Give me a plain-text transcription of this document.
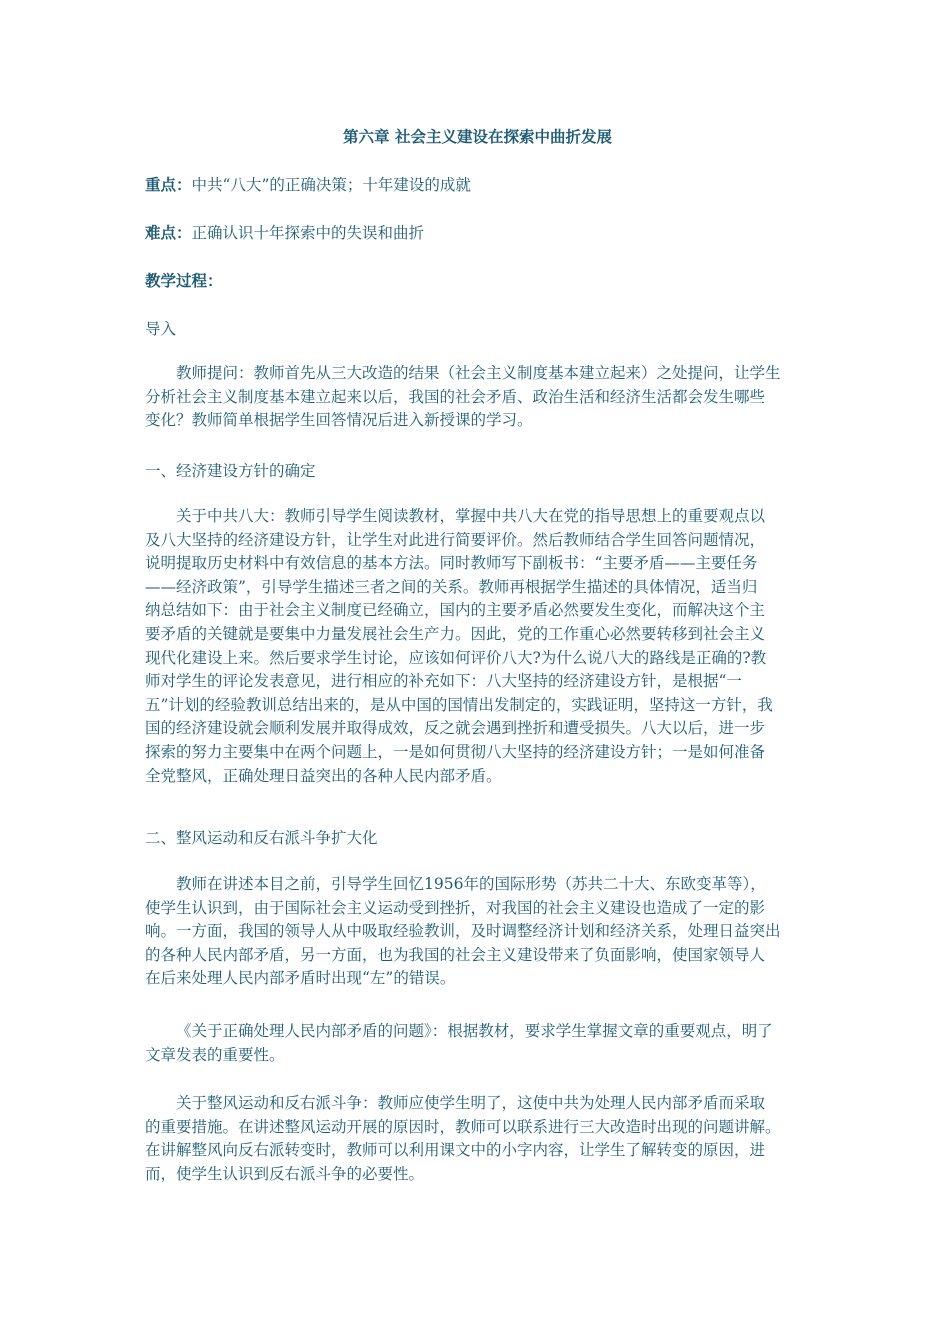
第六章 社会主义建设在探索中曲折发展
重点：中共“八大”的正确决策；十年建设的成就
难点：正确认识十年探索中的失误和曲折
教学过程：
导入

教师提问：教师首先从三大改造的结果（社会主义制度基本建立起来）之处提问，让学生

分析社会主义制度基本建立起来以后，我国的社会矛盾、政治生活和经济生活都会发生哪些

变化？教师简单根据学生回答情况后进入新授课的学习。

一、经济建设方针的确定

关于中共八大：教师引导学生阅读教材，掌握中共八大在党的指导思想上的重要观点以

及八大坚持的经济建设方针，让学生对此进行简要评价。然后教师结合学生回答问题情况，

说明提取历史材料中有效信息的基本方法。同时教师写下副板书：“主要矛盾——主要任务

——经济政策”，引导学生描述三者之间的关系。教师再根据学生描述的具体情况，适当归

纳总结如下：由于社会主义制度已经确立，国内的主要矛盾必然要发生变化，而解决这个主

要矛盾的关键就是要集中力量发展社会生产力。因此，党的工作重心必然要转移到社会主义

现代化建设上来。然后要求学生讨论，应该如何评价八大?为什么说八大的路线是正确的?教

师对学生的评论发表意见，进行相应的补充如下：八大坚持的经济建设方针，是根据“一

五”计划的经验教训总结出来的，是从中国的国情出发制定的，实践证明，坚持这一方针，我

国的经济建设就会顺利发展并取得成效，反之就会遇到挫折和遭受损失。八大以后，进一步

探索的努力主要集中在两个问题上，一是如何贯彻八大坚持的经济建设方针；一是如何准备

全党整风，正确处理日益突出的各种人民内部矛盾。

二、整风运动和反右派斗争扩大化

教师在讲述本目之前，引导学生回忆1956年的国际形势（苏共二十大、东欧变革等），

使学生认识到，由于国际社会主义运动受到挫折，对我国的社会主义建设也造成了一定的影

响。一方面，我国的领导人从中吸取经验教训，及时调整经济计划和经济关系，处理日益突出

的各种人民内部矛盾，另一方面，也为我国的社会主义建设带来了负面影响，使国家领导人

在后来处理人民内部矛盾时出现“左”的错误。

《关于正确处理人民内部矛盾的问题》：根据教材，要求学生掌握文章的重要观点，明了

文章发表的重要性。

关于整风运动和反右派斗争：教师应使学生明了，这使中共为处理人民内部矛盾而采取

的重要措施。在讲述整风运动开展的原因时，教师可以联系进行三大改造时出现的问题讲解。

在讲解整风向反右派转变时，教师可以利用课文中的小字内容，让学生了解转变的原因，进

而，使学生认识到反右派斗争的必要性。
